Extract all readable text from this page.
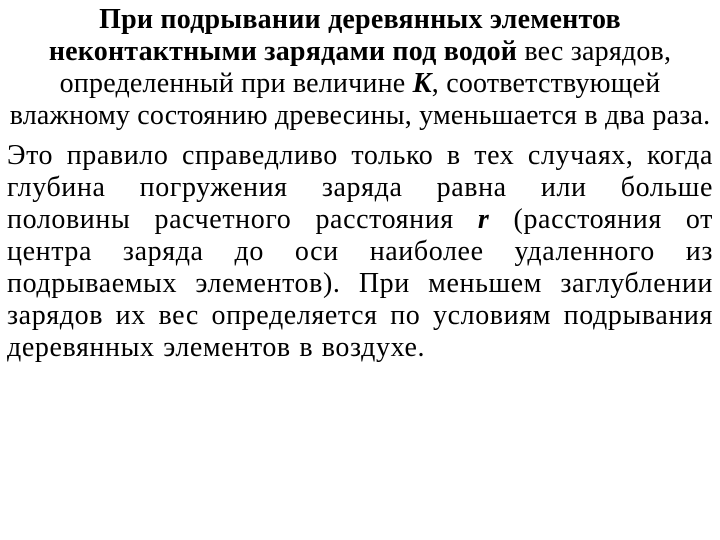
При подрывании деревянных элементов неконтактными зарядами под водой вес зарядов, определенный при величине К, соответствующей влажному состоянию древесины, уменьшается в два раза.

Это правило справедливо только в тех случаях, когда глубина погружения заряда равна или больше половины расчетного расстояния r (расстояния от центра заряда до оси наиболее удаленного из подрываемых элементов). При меньшем заглублении зарядов их вес определяется по условиям подрывания деревянных элементов в воздухе.
